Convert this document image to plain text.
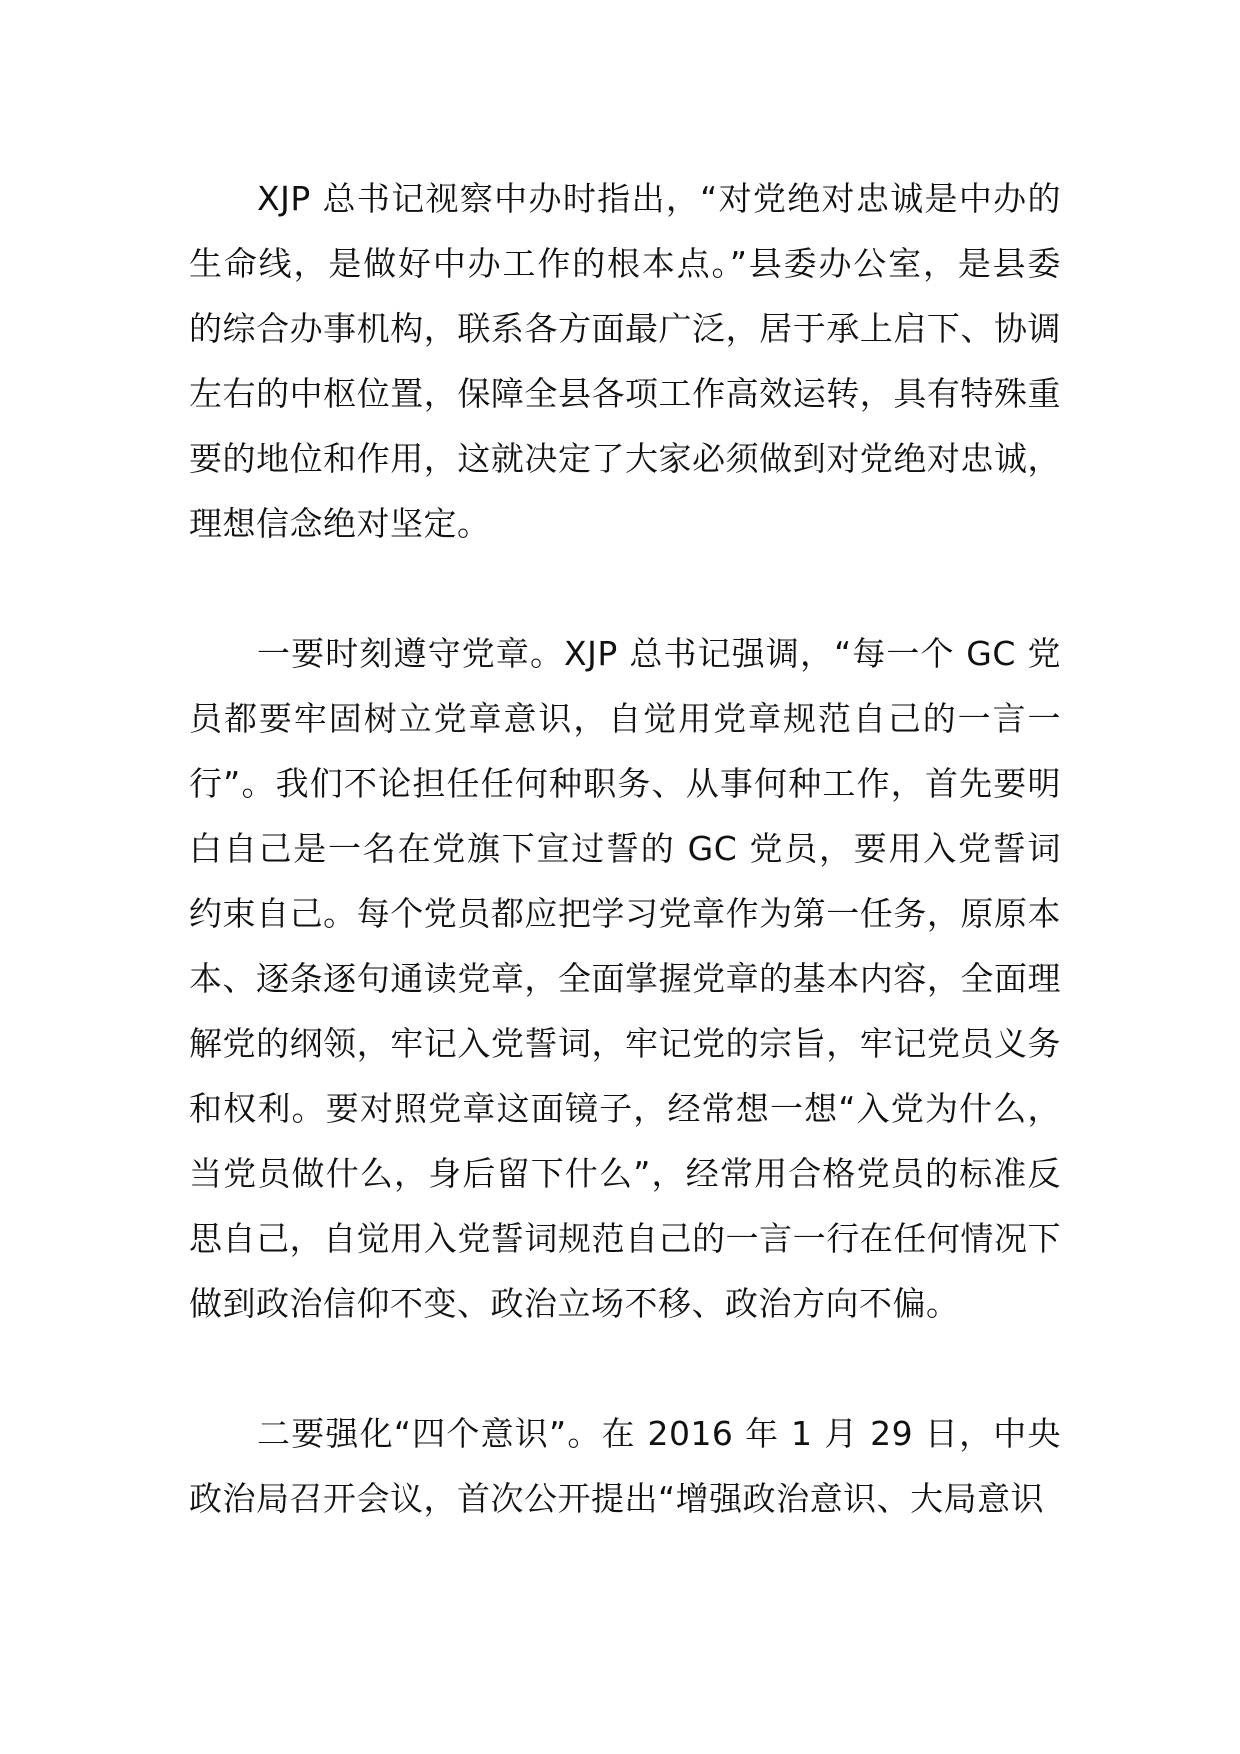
XJP 总书记视察中办时指出，“对党绝对忠诚是中办的生命线，是做好中办工作的根本点。”县委办公室，是县委的综合办事机构，联系各方面最广泛，居于承上启下、协调左右的中枢位置，保障全县各项工作高效运转，具有特殊重要的地位和作用，这就决定了大家必须做到对党绝对忠诚，理想信念绝对坚定。

一要时刻遵守党章。XJP 总书记强调，“每一个 GC 党员都要牢固树立党章意识，自觉用党章规范自己的一言一行”。我们不论担任任何种职务、从事何种工作，首先要明白自己是一名在党旗下宣过誓的 GC 党员，要用入党誓词约束自己。每个党员都应把学习党章作为第一任务，原原本本、逐条逐句通读党章，全面掌握党章的基本内容，全面理解党的纲领，牢记入党誓词，牢记党的宗旨，牢记党员义务和权利。要对照党章这面镜子，经常想一想“入党为什么，当党员做什么，身后留下什么”，经常用合格党员的标准反思自己，自觉用入党誓词规范自己的一言一行在任何情况下做到政治信仰不变、政治立场不移、政治方向不偏。

二要强化“四个意识”。在 2016 年 1 月 29 日，中央政治局召开会议，首次公开提出“增强政治意识、大局意识
